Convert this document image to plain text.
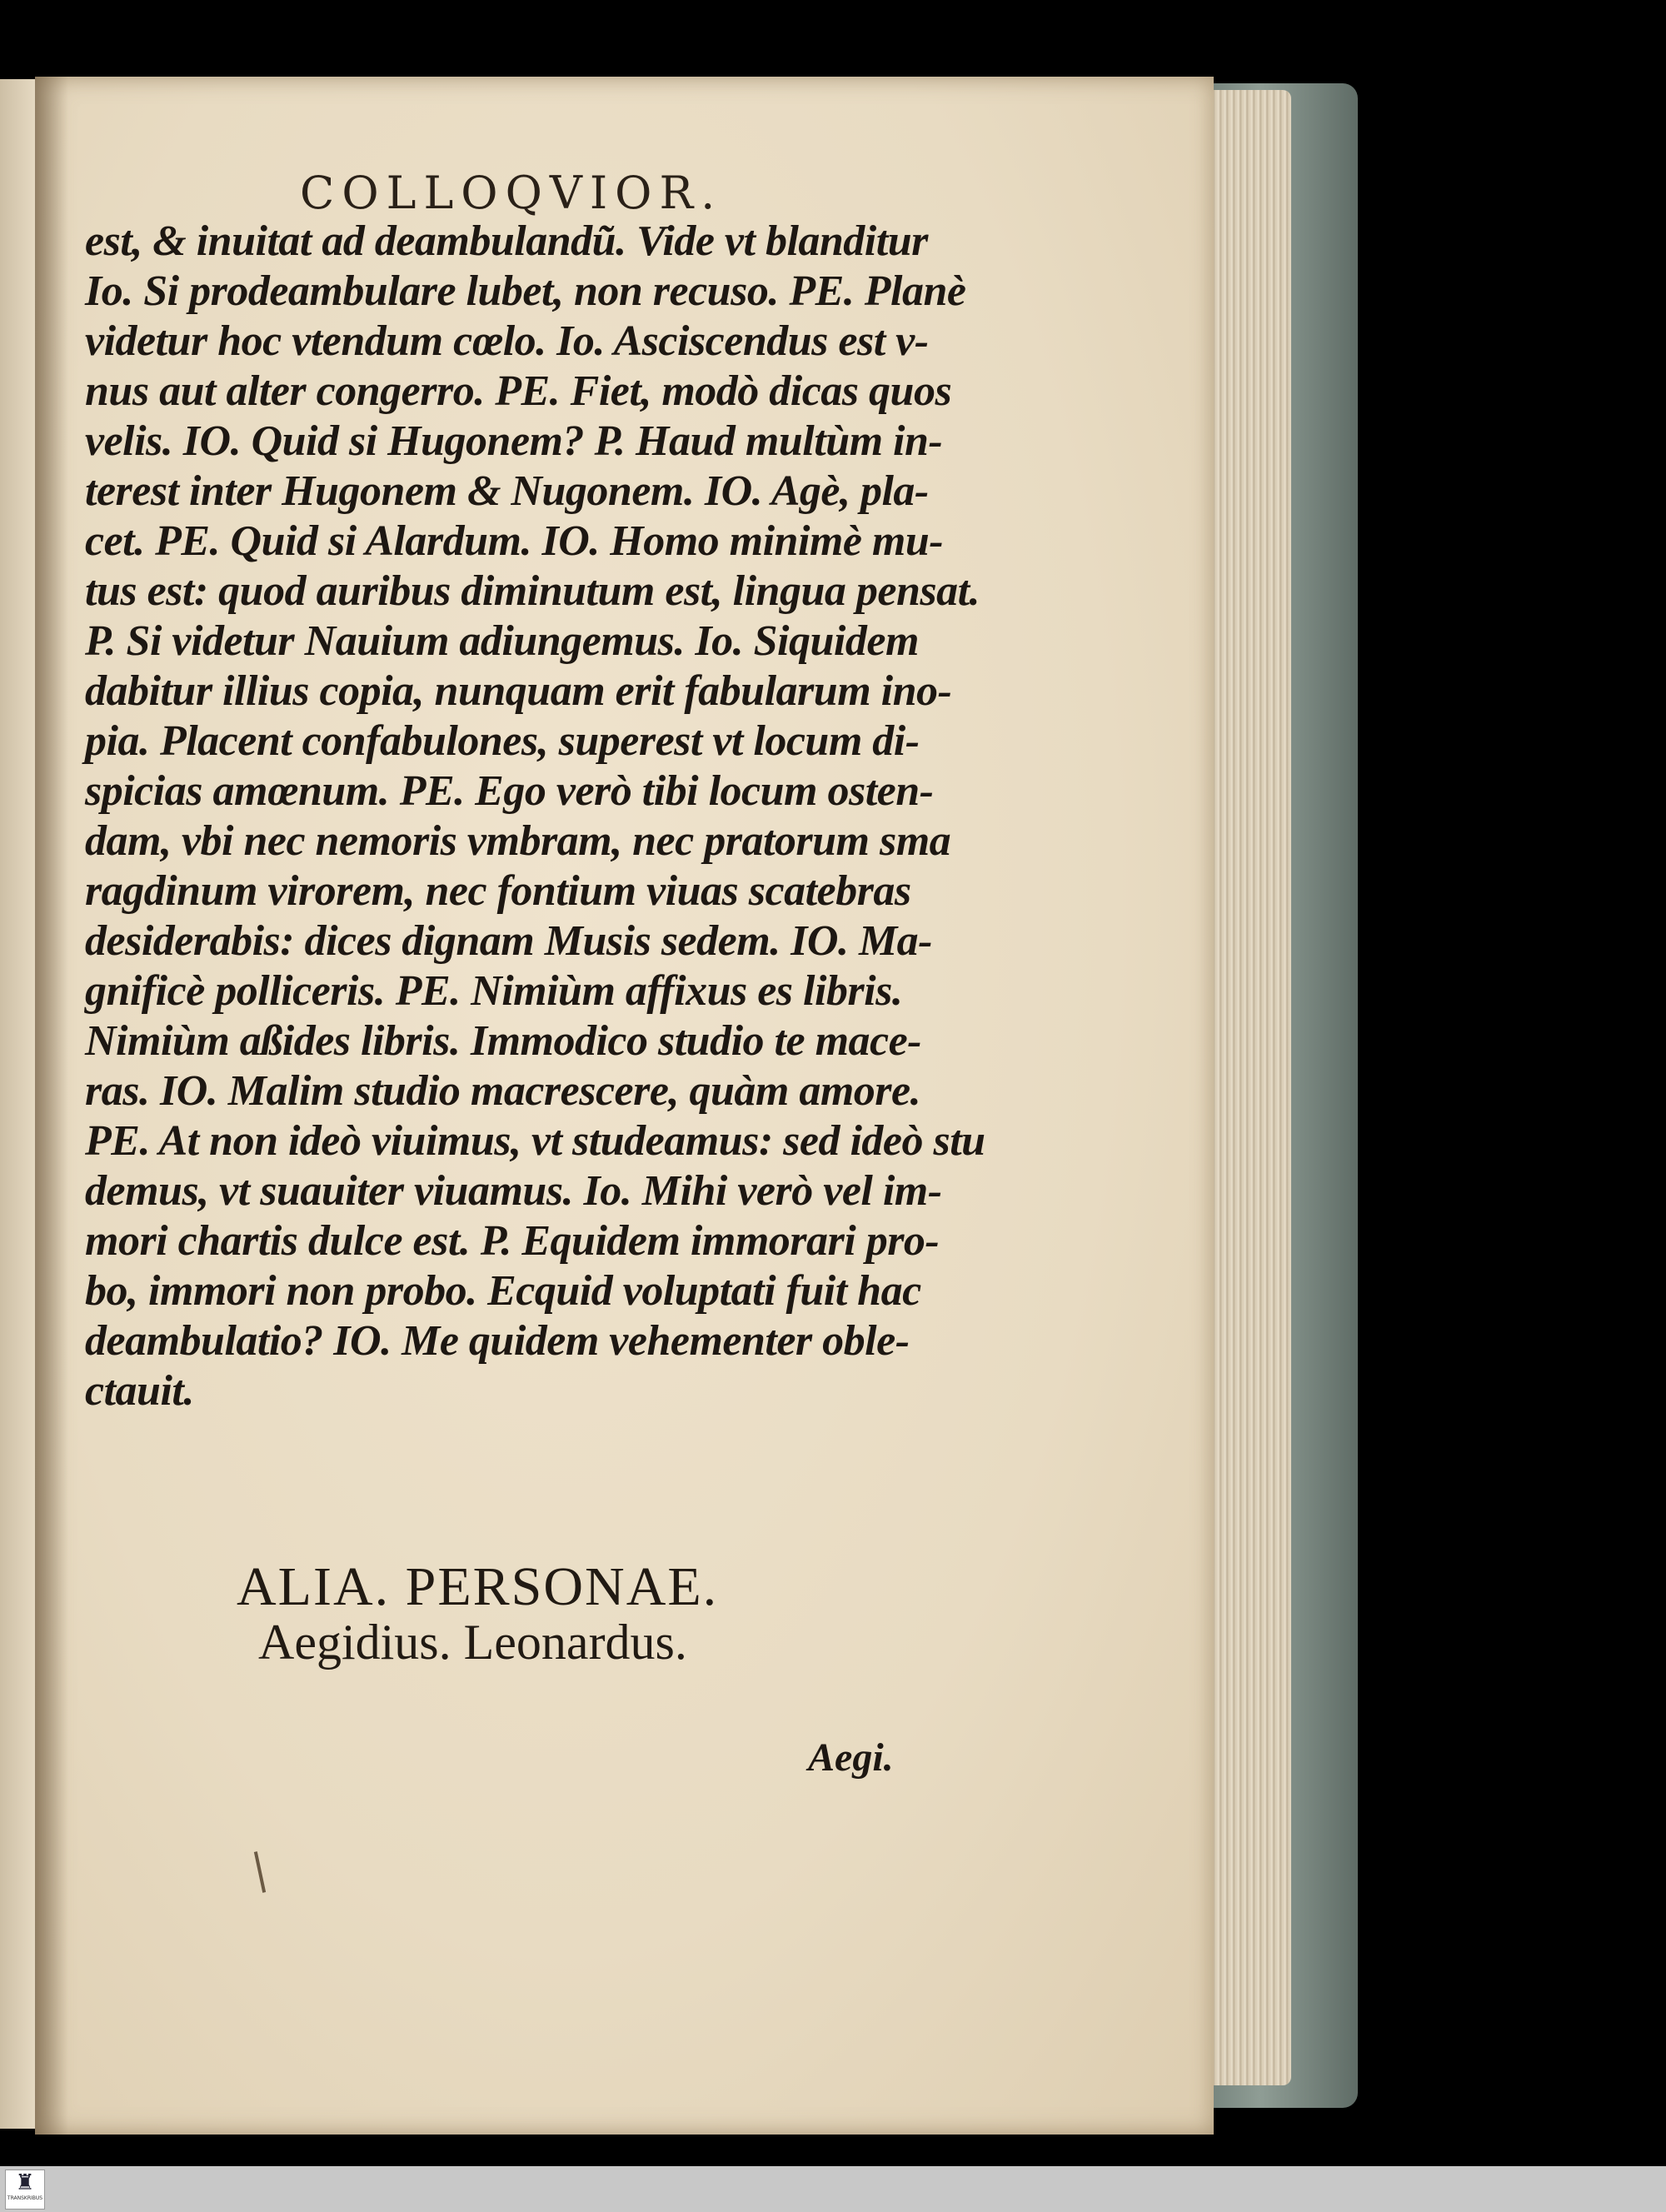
COLLOQVIOR.
est, & inuitat ad deambulandũ. Vide vt blanditur
Io. Si prodeambulare lubet, non recuso. PE. Planè
videtur hoc vtendum cœlo. Io. Asciscendus est v-
nus aut alter congerro. PE. Fiet, modò dicas quos
velis. IO. Quid si Hugonem? P. Haud multùm in-
terest inter Hugonem & Nugonem. IO. Agè, pla-
cet. PE. Quid si Alardum. IO. Homo minimè mu-
tus est: quod auribus diminutum est, lingua pensat.
P. Si videtur Nauium adiungemus. Io. Siquidem
dabitur illius copia, nunquam erit fabularum ino-
pia. Placent confabulones, superest vt locum di-
spicias amœnum. PE. Ego verò tibi locum osten-
dam, vbi nec nemoris vmbram, nec pratorum sma
ragdinum virorem, nec fontium viuas scatebras
desiderabis: dices dignam Musis sedem. IO. Ma-
gnificè polliceris. PE. Nimiùm affixus es libris.
Nimiùm aßides libris. Immodico studio te mace-
ras. IO. Malim studio macrescere, quàm amore.
PE. At non ideò viuimus, vt studeamus: sed ideò stu
demus, vt suauiter viuamus. Io. Mihi verò vel im-
mori chartis dulce est. P. Equidem immorari pro-
bo, immori non probo. Ecquid voluptati fuit hac
deambulatio? IO. Me quidem vehementer oble-
ctauit.
ALIA. PERSONAE.
Aegidius. Leonardus.
Aegi.
♜
TRANSKRIBUS
